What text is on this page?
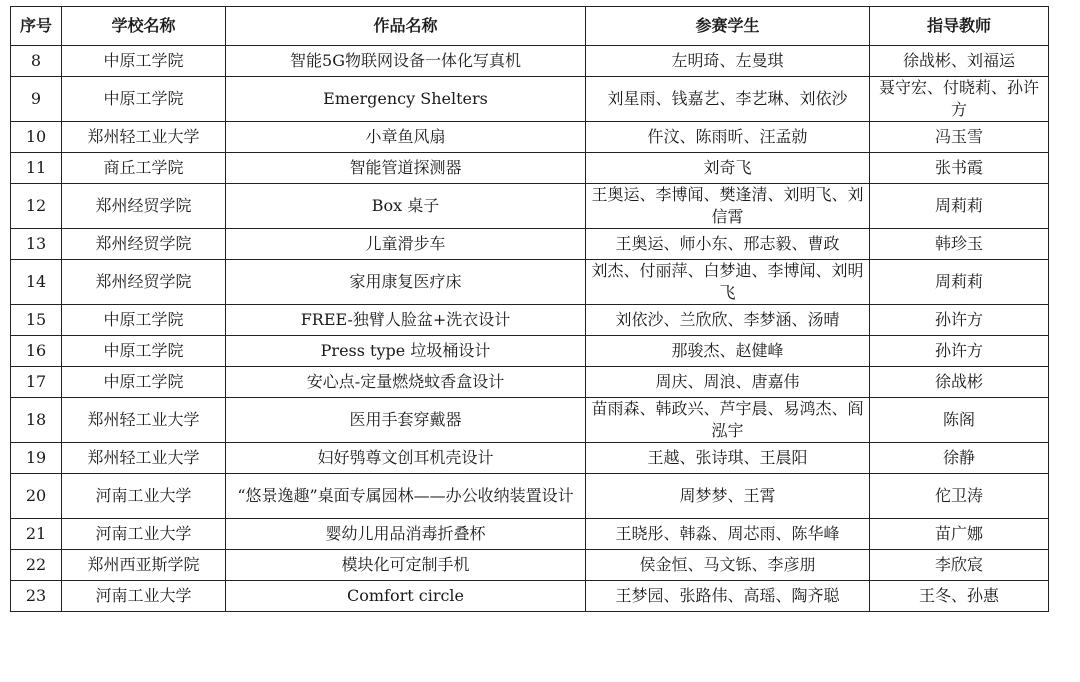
序号	学校名称	作品名称	参赛学生	指导教师
8	中原工学院	智能5G物联网设备一体化写真机	左明琦、左曼琪	徐战彬、刘福运
9	中原工学院	Emergency Shelters	刘星雨、钱嘉艺、李艺琳、刘依沙	聂守宏、付晓莉、孙许方
10	郑州轻工业大学	小章鱼风扇	仵汶、陈雨昕、汪孟勍	冯玉雪
11	商丘工学院	智能管道探测器	刘奇飞	张书霞
12	郑州经贸学院	Box 桌子	王奥运、李博闻、樊逢清、刘明飞、刘信霄	周莉莉
13	郑州经贸学院	儿童滑步车	王奥运、师小东、邢志毅、曹政	韩珍玉
14	郑州经贸学院	家用康复医疗床	刘杰、付丽萍、白梦迪、李博闻、刘明飞	周莉莉
15	中原工学院	FREE-独臂人脸盆+洗衣设计	刘依沙、兰欣欣、李梦涵、汤晴	孙许方
16	中原工学院	Press type 垃圾桶设计	那骏杰、赵健峰	孙许方
17	中原工学院	安心点-定量燃烧蚊香盒设计	周庆、周浪、唐嘉伟	徐战彬
18	郑州轻工业大学	医用手套穿戴器	苗雨森、韩政兴、芦宇晨、易鸿杰、阎泓宇	陈阁
19	郑州轻工业大学	妇好鸮尊文创耳机壳设计	王越、张诗琪、王晨阳	徐静
20	河南工业大学	“悠景逸趣”桌面专属园林——办公收纳装置设计	周梦梦、王霄	佗卫涛
21	河南工业大学	婴幼儿用品消毒折叠杯	王晓彤、韩淼、周芯雨、陈华峰	苗广娜
22	郑州西亚斯学院	模块化可定制手机	侯金恒、马文铄、李彦朋	李欣宸
23	河南工业大学	Comfort circle	王梦园、张路伟、高瑶、陶齐聪	王冬、孙惠
